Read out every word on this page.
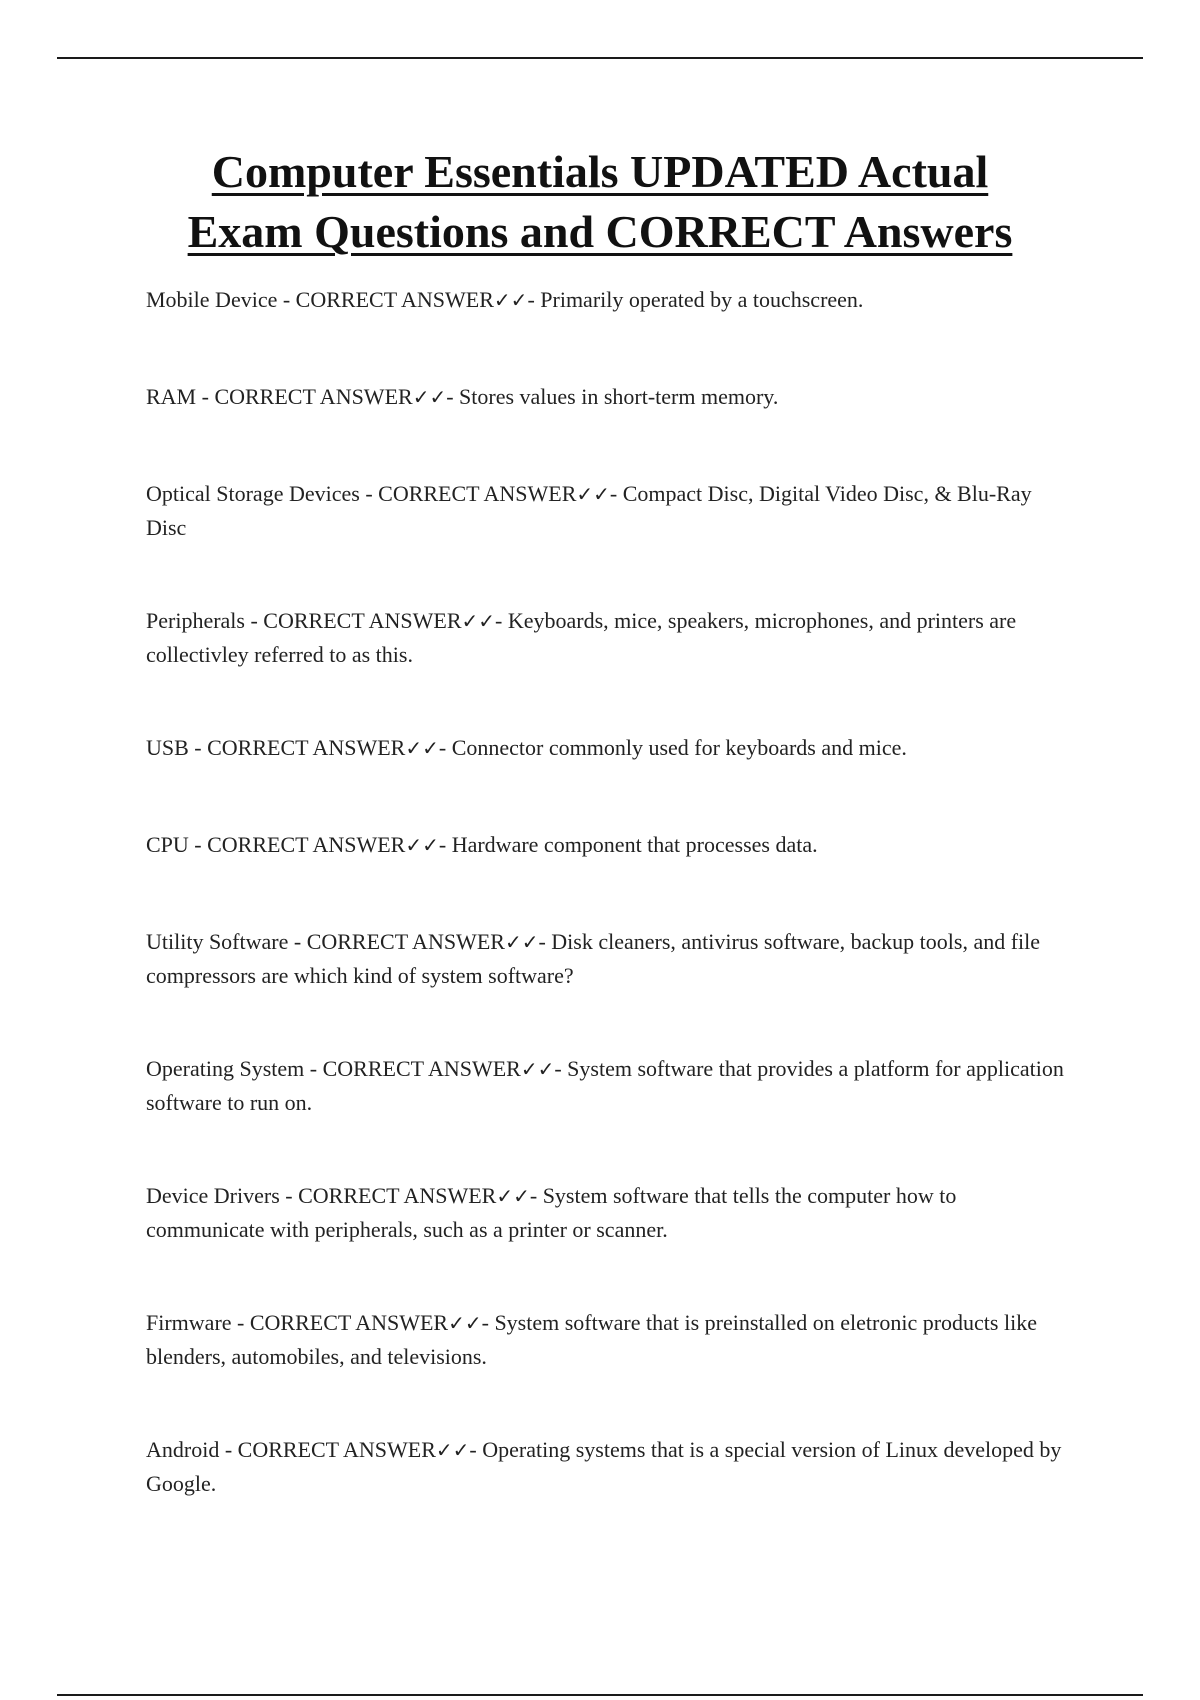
Computer Essentials UPDATED Actual
Exam Questions and CORRECT Answers

Mobile Device - CORRECT ANSWER✓✓- Primarily operated by a touchscreen.

RAM - CORRECT ANSWER✓✓- Stores values in short-term memory.

Optical Storage Devices - CORRECT ANSWER✓✓- Compact Disc, Digital Video Disc, & Blu-Ray Disc

Peripherals - CORRECT ANSWER✓✓- Keyboards, mice, speakers, microphones, and printers are collectivley referred to as this.

USB - CORRECT ANSWER✓✓- Connector commonly used for keyboards and mice.

CPU - CORRECT ANSWER✓✓- Hardware component that processes data.

Utility Software - CORRECT ANSWER✓✓- Disk cleaners, antivirus software, backup tools, and file compressors are which kind of system software?

Operating System - CORRECT ANSWER✓✓- System software that provides a platform for application software to run on.

Device Drivers - CORRECT ANSWER✓✓- System software that tells the computer how to communicate with peripherals, such as a printer or scanner.

Firmware - CORRECT ANSWER✓✓- System software that is preinstalled on eletronic products like blenders, automobiles, and televisions.

Android - CORRECT ANSWER✓✓- Operating systems that is a special version of Linux developed by Google.
